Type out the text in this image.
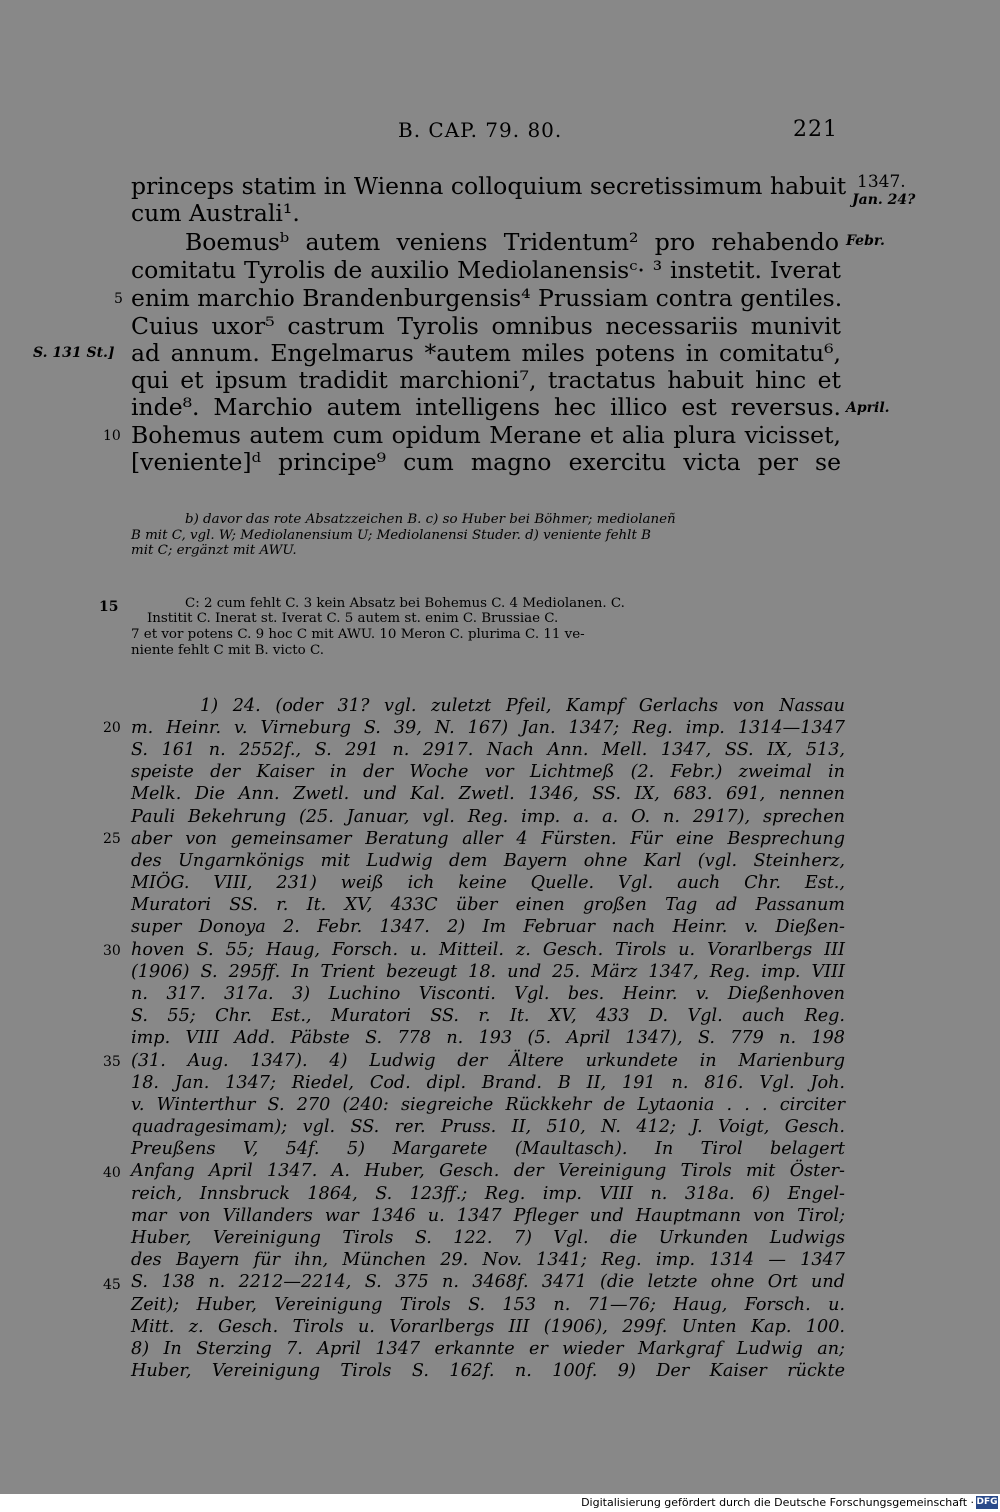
B. CAP. 79. 80.	221
princeps statim in Wienna colloquium secretissimum habuit
cum Australi¹.
Boemusᵇ autem veniens Tridentum² pro rehabendo
comitatu Tyrolis de auxilio Mediolanensisᶜ· ³ instetit. Iverat
enim marchio Brandenburgensis⁴ Prussiam contra gentiles.
Cuius uxor⁵ castrum Tyrolis omnibus necessariis munivit
ad annum. Engelmarus *autem miles potens in comitatu⁶,
qui et ipsum tradidit marchioni⁷, tractatus habuit hinc et
inde⁸. Marchio autem intelligens hec illico est reversus.
Bohemus autem cum opidum Merane et alia plura vicisset,
[veniente]ᵈ principe⁹ cum magno exercitu victa per se
1347.
Jan. 24?
Febr.
April.
S. 131 St.]
5
10
15
20
25
30
35
40
45
b) davor das rote Absatzzeichen B. c) so Huber bei Böhmer; mediolaneñ
B mit C, vgl. W; Mediolanensium U; Mediolanensi Studer. d) veniente fehlt B
mit C; ergänzt mit AWU.
C: 2 cum fehlt C. 3 kein Absatz bei Bohemus C. 4 Mediolanen. C.
Institit C. Inerat st. Iverat C. 5 autem st. enim C. Brussiae C.
7 et vor potens C. 9 hoc C mit AWU. 10 Meron C. plurima C. 11 ve-
niente fehlt C mit B. victo C.
1) 24. (oder 31? vgl. zuletzt Pfeil, Kampf Gerlachs von Nassau
m. Heinr. v. Virneburg S. 39, N. 167) Jan. 1347; Reg. imp. 1314—1347
S. 161 n. 2552f., S. 291 n. 2917. Nach Ann. Mell. 1347, SS. IX, 513,
speiste der Kaiser in der Woche vor Lichtmeß (2. Febr.) zweimal in
Melk. Die Ann. Zwetl. und Kal. Zwetl. 1346, SS. IX, 683. 691, nennen
Pauli Bekehrung (25. Januar, vgl. Reg. imp. a. a. O. n. 2917), sprechen
aber von gemeinsamer Beratung aller 4 Fürsten. Für eine Besprechung
des Ungarnkönigs mit Ludwig dem Bayern ohne Karl (vgl. Steinherz,
MIÖG. VIII, 231) weiß ich keine Quelle. Vgl. auch Chr. Est.,
Muratori SS. r. It. XV, 433C über einen großen Tag ad Passanum
super Donoya 2. Febr. 1347. 2) Im Februar nach Heinr. v. Dießen-
hoven S. 55; Haug, Forsch. u. Mitteil. z. Gesch. Tirols u. Vorarlbergs III
(1906) S. 295ff. In Trient bezeugt 18. und 25. März 1347, Reg. imp. VIII
n. 317. 317a. 3) Luchino Visconti. Vgl. bes. Heinr. v. Dießenhoven
S. 55; Chr. Est., Muratori SS. r. It. XV, 433 D. Vgl. auch Reg.
imp. VIII Add. Päbste S. 778 n. 193 (5. April 1347), S. 779 n. 198
(31. Aug. 1347). 4) Ludwig der Ältere urkundete in Marienburg
18. Jan. 1347; Riedel, Cod. dipl. Brand. B II, 191 n. 816. Vgl. Joh.
v. Winterthur S. 270 (240: siegreiche Rückkehr de Lytaonia . . . circiter
quadragesimam); vgl. SS. rer. Pruss. II, 510, N. 412; J. Voigt, Gesch.
Preußens V, 54f. 5) Margarete (Maultasch). In Tirol belagert
Anfang April 1347. A. Huber, Gesch. der Vereinigung Tirols mit Öster-
reich, Innsbruck 1864, S. 123ff.; Reg. imp. VIII n. 318a. 6) Engel-
mar von Villanders war 1346 u. 1347 Pfleger und Hauptmann von Tirol;
Huber, Vereinigung Tirols S. 122. 7) Vgl. die Urkunden Ludwigs
des Bayern für ihn, München 29. Nov. 1341; Reg. imp. 1314 — 1347
S. 138 n. 2212—2214, S. 375 n. 3468f. 3471 (die letzte ohne Ort und
Zeit); Huber, Vereinigung Tirols S. 153 n. 71—76; Haug, Forsch. u.
Mitt. z. Gesch. Tirols u. Vorarlbergs III (1906), 299f. Unten Kap. 100.
8) In Sterzing 7. April 1347 erkannte er wieder Markgraf Ludwig an;
Huber, Vereinigung Tirols S. 162f. n. 100f. 9) Der Kaiser rückte
Digitalisierung gefördert durch die Deutsche Forschungsgemeinschaft · DFG
